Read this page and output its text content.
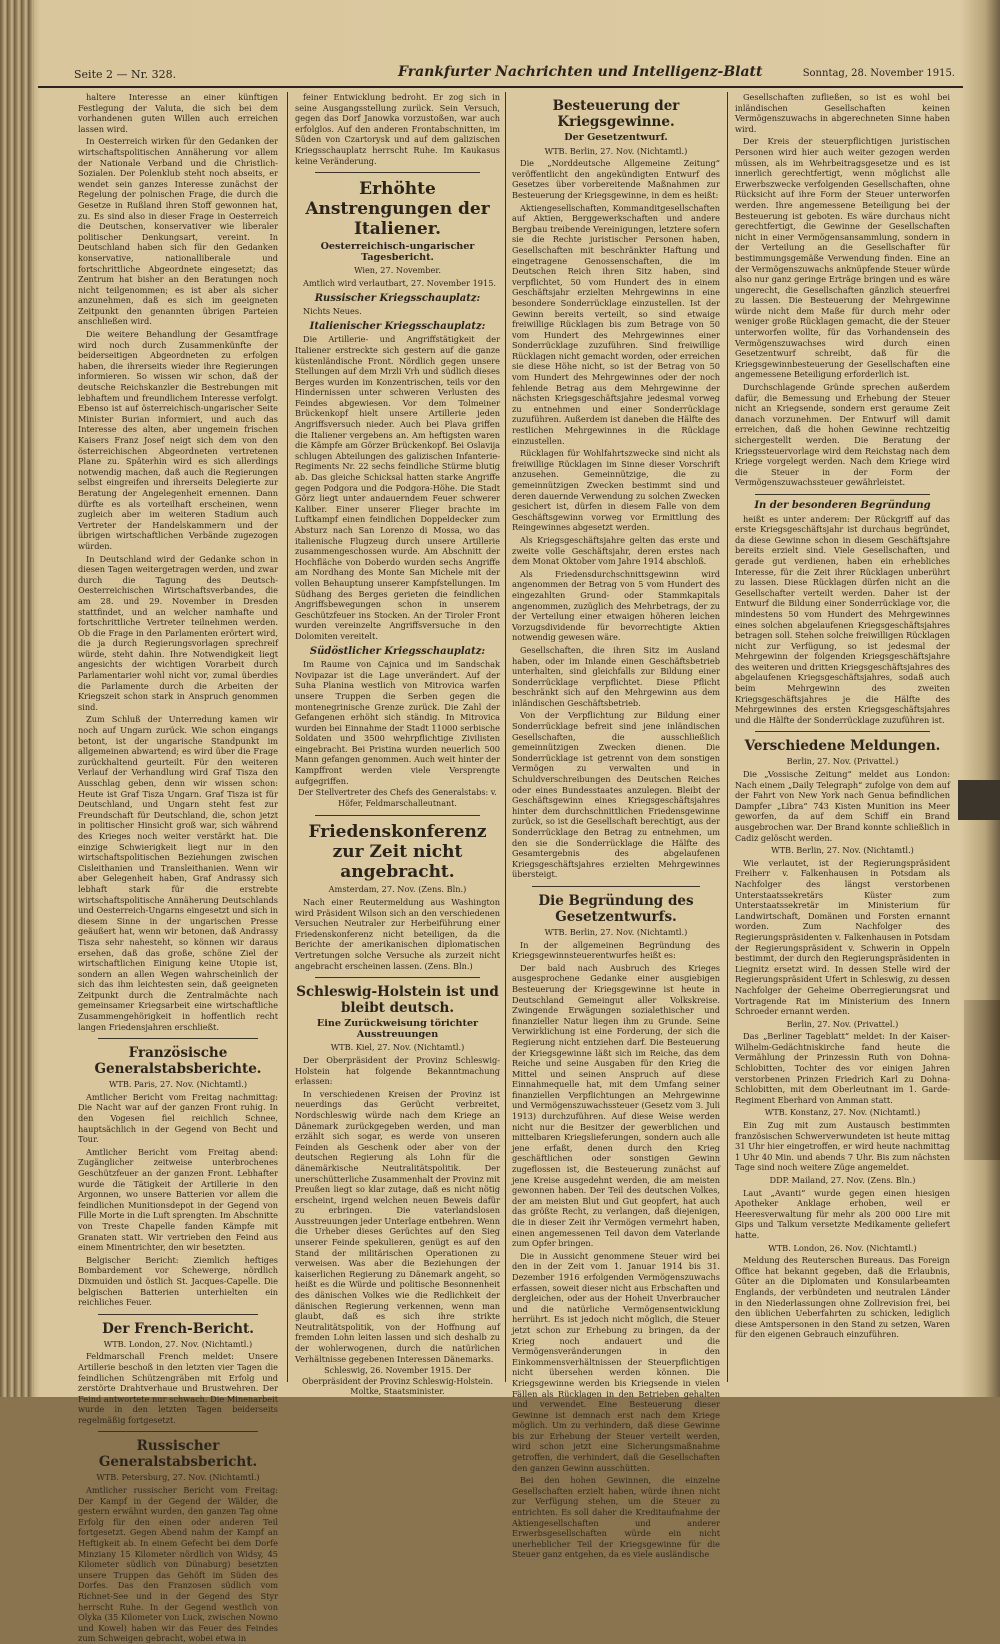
Seite 2 — Nr. 328.	Frankfurter Nachrichten und Intelligenz-Blatt	Sonntag, 28. November 1915.

haltere Interesse an einer künftigen Festlegung der Valuta, die sich bei dem vorhandenen guten Willen auch erreichen lassen wird.

In Oesterreich wirken für den Gedanken der wirtschaftspolitischen Annäherung vor allem der Nationale Verband und die Christlich-Sozialen. Der Polenklub steht noch abseits, er wendet sein ganzes Interesse zunächst der Regelung der polnischen Frage, die durch die Gesetze in Rußland ihren Stoff gewonnen hat, zu. Es sind also in dieser Frage in Oesterreich die Deutschen, konservativer wie liberaler politischer Denkungsart, vereint. In Deutschland haben sich für den Gedanken konservative, nationalliberale und fortschrittliche Abgeordnete eingesetzt; das Zentrum hat bisher an den Beratungen noch nicht teilgenommen; es ist aber als sicher anzunehmen, daß es sich im geeigneten Zeitpunkt den genannten übrigen Parteien anschließen wird.

Die weitere Behandlung der Gesamtfrage wird noch durch Zusammenkünfte der beiderseitigen Abgeordneten zu erfolgen haben, die ihrerseits wieder ihre Regierungen informieren. So wissen wir schon, daß der deutsche Reichskanzler die Bestrebungen mit lebhaftem und freundlichem Interesse verfolgt. Ebenso ist auf österreichisch-ungarischer Seite Minister Burian informiert, und auch das Interesse des alten, aber ungemein frischen Kaisers Franz Josef neigt sich dem von den österreichischen Abgeordneten vertretenen Plane zu. Späterhin wird es sich allerdings notwendig machen, daß auch die Regierungen selbst eingreifen und ihrerseits Delegierte zur Beratung der Angelegenheit ernennen. Dann dürfte es als vorteilhaft erscheinen, wenn zugleich aber im weiteren Stadium auch Vertreter der Handelskammern und der übrigen wirtschaftlichen Verbände zugezogen würden.

In Deutschland wird der Gedanke schon in diesen Tagen weitergetragen werden, und zwar durch die Tagung des Deutsch-Oesterreichischen Wirtschaftsverbandes, die am 28. und 29. November in Dresden stattfindet, und an welcher namhafte und fortschrittliche Vertreter teilnehmen werden. Ob die Frage in den Parlamenten erörtert wird, die ja durch Regierungsvorlagen sprechreif würde, steht dahin. Ihre Notwendigkeit liegt angesichts der wichtigen Vorarbeit durch Parlamentarier wohl nicht vor, zumal überdies die Parlamente durch die Arbeiten der Kriegszeit schon stark in Anspruch genommen sind.

Zum Schluß der Unterredung kamen wir noch auf Ungarn zurück. Wie schon eingangs betont, ist der ungarische Standpunkt im allgemeinen abwartend; es wird über die Frage zurückhaltend geurteilt. Für den weiteren Verlauf der Verhandlung wird Graf Tisza den Ausschlag geben, denn wir wissen schon: Heute ist Graf Tisza Ungarn. Graf Tisza ist für Deutschland, und Ungarn steht fest zur Freundschaft für Deutschland, die, schon jetzt in politischer Hinsicht groß war, sich während des Krieges noch weiter verstärkt hat. Die einzige Schwierigkeit liegt nur in den wirtschaftspolitischen Beziehungen zwischen Cisleithanien und Transleithanien. Wenn wir aber Gelegenheit haben, Graf Andrassy sich lebhaft stark für die erstrebte wirtschaftspolitische Annäherung Deutschlands und Oesterreich-Ungarns eingesetzt und sich in diesem Sinne in der ungarischen Presse geäußert hat, wenn wir betonen, daß Andrassy Tisza sehr nahesteht, so können wir daraus ersehen, daß das große, schöne Ziel der wirtschaftlichen Einigung keine Utopie ist, sondern an allen Wegen wahrscheinlich der sich das ihm leichtesten sein, daß geeigneten Zeitpunkt durch die Zentralmächte nach gemeinsamer Kriegsarbeit eine wirtschaftliche Zusammengehörigkeit in hoffentlich recht langen Friedensjahren erschließt.

Französische Generalstabsberichte.
WTB. Paris, 27. Nov. (Nichtamtl.)

Amtlicher Bericht vom Freitag nachmittag: Die Nacht war auf der ganzen Front ruhig. In den Vogesen fiel reichlich Schnee, hauptsächlich in der Gegend von Becht und Tour.

Amtlicher Bericht vom Freitag abend: Zugänglicher zeitweise unterbrochenes Geschützfeuer an der ganzen Front. Lebhafter wurde die Tätigkeit der Artillerie in den Argonnen, wo unsere Batterien vor allem die feindlichen Munitionsdepot in der Gegend von Fille Morte in die Luft sprengten. Im Abschnitte von Treste Chapelle fanden Kämpfe mit Granaten statt. Wir vertrieben den Feind aus einem Minentrichter, den wir besetzten.

Belgischer Bericht: Ziemlich heftiges Bombardement vor Schewerge, nördlich Dixmuiden und östlich St. Jacques-Capelle. Die belgischen Batterien unterhielten ein reichliches Feuer.

Der French-Bericht.
WTB. London, 27. Nov. (Nichtamtl.)

Feldmarschall French meldet: Unsere Artillerie beschoß in den letzten vier Tagen die feindlichen Schützengräben mit Erfolg und zerstörte Drahtverhaue und Brustwehren. Der Feind antwortete nur schwach. Die Minenarbeit wurde in den letzten Tagen beiderseits regelmäßig fortgesetzt.

Russischer Generalstabsbericht.
WTB. Petersburg, 27. Nov. (Nichtamtl.)

Amtlicher russischer Bericht vom Freitag: Der Kampf in der Gegend der Wälder, die gestern erwähnt wurden, den ganzen Tag ohne Erfolg für den einen oder anderen Teil fortgesetzt. Gegen Abend nahm der Kampf an Heftigkeit ab. In einem Gefecht bei dem Dorfe Minziany 15 Kilometer nördlich von Widsy, 45 Kilometer südlich von Dünaburg) besetzten unsere Truppen das Gehöft im Süden des Dorfes. Das den Franzosen südlich vom Richnet-See und in der Gegend des Styr herrscht Ruhe. In der Gegend westlich von Olyka (35 Kilometer von Luck, zwischen Nowno und Kowel) haben wir das Feuer des Feindes zum Schweigen gebracht, wobei etwa in

feiner Entwicklung bedroht. Er zog sich in seine Ausgangsstellung zurück. Sein Versuch, gegen das Dorf Janowka vorzustoßen, war auch erfolglos. Auf den anderen Frontabschnitten, im Süden von Czartorysk und auf dem galizischen Kriegsschauplatz herrscht Ruhe. Im Kaukasus keine Veränderung.

Erhöhte Anstrengungen der Italiener.
Oesterreichisch-ungarischer Tagesbericht.
Wien, 27. November.

Amtlich wird verlautbart, 27. November 1915.

Russischer Kriegsschauplatz:

Nichts Neues.

Italienischer Kriegsschauplatz:

Die Artillerie- und Angriffstätigkeit der Italiener erstreckte sich gestern auf die ganze küstenländische Front. Nördlich gegen unsere Stellungen auf dem Mrzli Vrh und südlich dieses Berges wurden im Konzentrischen, teils vor den Hindernissen unter schweren Verlusten des Feindes abgewiesen. Vor dem Tolmeiner Brückenkopf hielt unsere Artillerie jeden Angriffsversuch nieder. Auch bei Plava griffen die Italiener vergebens an. Am heftigsten waren die Kämpfe am Görzer Brückenkopf. Bei Oslavija schlugen Abteilungen des galizischen Infanterie-Regiments Nr. 22 sechs feindliche Stürme blutig ab. Das gleiche Schicksal hatten starke Angriffe gegen Podgora und die Podgora-Höhe. Die Stadt Görz liegt unter andauerndem Feuer schwerer Kaliber. Einer unserer Flieger brachte im Luftkampf einen feindlichen Doppeldecker zum Absturz nach San Lorenzo di Mossa, wo das italienische Flugzeug durch unsere Artillerie zusammengeschossen wurde. Am Abschnitt der Hochfläche von Doberdo wurden sechs Angriffe am Nordhang des Monte San Michele mit der vollen Behauptung unserer Kampfstellungen. Im Südhang des Berges gerieten die feindlichen Angriffsbewegungen schon in unserem Geschützfeuer ins Stocken. An der Tiroler Front wurden vereinzelte Angriffsversuche in den Dolomiten vereitelt.

Südöstlicher Kriegsschauplatz:

Im Raume von Cajnica und im Sandschak Novipazar ist die Lage unverändert. Auf der Suha Planina westlich von Mitrovica warfen unsere Truppen die Serben gegen die montenegrinische Grenze zurück. Die Zahl der Gefangenen erhöht sich ständig. In Mitrovica wurden bei Einnahme der Stadt 11000 serbische Soldaten und 3500 wehrpflichtige Zivilisten eingebracht. Bei Pristina wurden neuerlich 500 Mann gefangen genommen. Auch weit hinter der Kampffront werden viele Versprengte aufgegriffen.

Der Stellvertreter des Chefs des Generalstabs: v. Höfer, Feldmarschalleutnant.
Friedenskonferenz zur Zeit nicht angebracht.
Amsterdam, 27. Nov. (Zens. Bln.)

Nach einer Reutermeldung aus Washington wird Präsident Wilson sich an den verschiedenen Versuchen Neutraler zur Herbeiführung einer Friedenskonferenz nicht beteiligen, da die Berichte der amerikanischen diplomatischen Vertretungen solche Versuche als zurzeit nicht angebracht erscheinen lassen. (Zens. Bln.)

Schleswig-Holstein ist und bleibt deutsch.
Eine Zurückweisung törichter Ausstreuungen
WTB. Kiel, 27. Nov. (Nichtamtl.)

Der Oberpräsident der Provinz Schleswig-Holstein hat folgende Bekanntmachung erlassen:

In verschiedenen Kreisen der Provinz ist neuerdings das Gerücht verbreitet, Nordschleswig würde nach dem Kriege an Dänemark zurückgegeben werden, und man erzählt sich sogar, es werde von unseren Feinden als Geschenk oder aber von der deutschen Regierung als Lohn für die dänemärkische Neutralitätspolitik. Der unerschütterliche Zusammenhalt der Provinz mit Preußen liegt so klar zutage, daß es nicht nötig erscheint, irgend welchen neuen Beweis dafür zu erbringen. Die vaterlandslosen Ausstreuungen jeder Unterlage entbehren. Wenn die Urheber dieses Gerüchtes auf den Sieg unserer Feinde spekulieren, genügt es auf den Stand der militärischen Operationen zu verweisen. Was aber die Beziehungen der kaiserlichen Regierung zu Dänemark angeht, so heißt es die Würde und politische Besonnenheit des dänischen Volkes wie die Redlichkeit der dänischen Regierung verkennen, wenn man glaubt, daß es sich ihre strikte Neutralitätspolitik, von der Hoffnung auf fremden Lohn leiten lassen und sich deshalb zu der wohlerwogenen, durch die natürlichen Verhältnisse gegebenen Interessen Dänemarks.

Schleswig, 26. November 1915. Der Oberpräsident der Provinz Schleswig-Holstein. Moltke, Staatsminister.
Besteuerung der Kriegsgewinne.
Der Gesetzentwurf.
WTB. Berlin, 27. Nov. (Nichtamtl.)

Die „Norddeutsche Allgemeine Zeitung“ veröffentlicht den angekündigten Entwurf des Gesetzes über vorbereitende Maßnahmen zur Besteuerung der Kriegsgewinne, in dem es heißt:

Aktiengesellschaften, Kommanditgesellschaften auf Aktien, Berggewerkschaften und andere Bergbau treibende Vereinigungen, letztere sofern sie die Rechte juristischer Personen haben, Gesellschaften mit beschränkter Haftung und eingetragene Genossenschaften, die im Deutschen Reich ihren Sitz haben, sind verpflichtet, 50 vom Hundert des in einem Geschäftsjahr erzielten Mehrgewinns in eine besondere Sonderrücklage einzustellen. Ist der Gewinn bereits verteilt, so sind etwaige freiwillige Rücklagen bis zum Betrage von 50 vom Hundert des Mehrgewinnes einer Sonderrücklage zuzuführen. Sind freiwillige Rücklagen nicht gemacht worden, oder erreichen sie diese Höhe nicht, so ist der Betrag von 50 vom Hundert des Mehrgewinnes oder der noch fehlende Betrag aus dem Mehrgewinne der nächsten Kriegsgeschäftsjahre jedesmal vorweg zu entnehmen und einer Sonderrücklage zuzuführen. Außerdem ist daneben die Hälfte des restlichen Mehrgewinnes in die Rücklage einzustellen.

Rücklagen für Wohlfahrtszwecke sind nicht als freiwillige Rücklagen im Sinne dieser Vorschrift anzusehen. Gemeinnützige, die zu gemeinnützigen Zwecken bestimmt sind und deren dauernde Verwendung zu solchen Zwecken gesichert ist, dürfen in diesem Falle von dem Geschäftsgewinn vorweg vor Ermittlung des Reingewinnes abgesetzt werden.

Als Kriegsgeschäftsjahre gelten das erste und zweite volle Geschäftsjahr, deren erstes nach dem Monat Oktober vom Jahre 1914 abschloß.

Als Friedensdurchschnittsgewinn wird angenommen der Betrag von 5 vom Hundert des eingezahlten Grund- oder Stammkapitals angenommen, zuzüglich des Mehrbetrags, der zu der Verteilung einer etwaigen höheren leichen Vorzugsdividende für bevorrechtigte Aktien notwendig gewesen wäre.

Gesellschaften, die ihren Sitz im Ausland haben, oder im Inlande einen Geschäftsbetrieb unterhalten, sind gleichfalls zur Bildung einer Sonderrücklage verpflichtet. Diese Pflicht beschränkt sich auf den Mehrgewinn aus dem inländischen Geschäftsbetrieb.

Von der Verpflichtung zur Bildung einer Sonderrücklage befreit sind jene inländischen Gesellschaften, die ausschließlich gemeinnützigen Zwecken dienen. Die Sonderrücklage ist getrennt von dem sonstigen Vermögen zu verwalten und in Schuldverschreibungen des Deutschen Reiches oder eines Bundesstaates anzulegen. Bleibt der Geschäftsgewinn eines Kriegsgeschäftsjahres hinter dem durchschnittlichen Friedensgewinne zurück, so ist die Gesellschaft berechtigt, aus der Sonderrücklage den Betrag zu entnehmen, um den sie die Sonderrücklage die Hälfte des Gesamtergebnis des abgelaufenen Kriegsgeschäftsjahres erzielten Mehrgewinnes übersteigt.

Die Begründung des Gesetzentwurfs.
WTB. Berlin, 27. Nov. (Nichtamtl.)

In der allgemeinen Begründung des Kriegsgewinnsteuerentwurfes heißt es:

Der bald nach Ausbruch des Krieges ausgesprochene Gedanke einer ausgiebigen Besteuerung der Kriegsgewinne ist heute in Deutschland Gemeingut aller Volkskreise. Zwingende Erwägungen sozialethischer und finanzieller Natur liegen ihm zu Grunde. Seine Verwirklichung ist eine Forderung, der sich die Regierung nicht entziehen darf. Die Besteuerung der Kriegsgewinne läßt sich im Reiche, das dem Reiche und seine Ausgaben für den Krieg die Mittel und seinen Anspruch auf diese Einnahmequelle hat, mit dem Umfang seiner finanziellen Verpflichtungen an Mehrgewinne und Vermögenszuwachssteuer (Gesetz vom 3. Juli 1913) durchzuführen. Auf diese Weise werden nicht nur die Besitzer der gewerblichen und mittelbaren Kriegslieferungen, sondern auch alle jene erfaßt, denen durch den Krieg geschäftlichen oder sonstigen Gewinn zugeflossen ist, die Besteuerung zunächst auf jene Kreise ausgedehnt werden, die am meisten gewonnen haben. Der Teil des deutschen Volkes, der am meisten Blut und Gut geopfert, hat auch das größte Recht, zu verlangen, daß diejenigen, die in dieser Zeit ihr Vermögen vermehrt haben, einen angemessenen Teil davon dem Vaterlande zum Opfer bringen.

Die in Aussicht genommene Steuer wird bei den in der Zeit vom 1. Januar 1914 bis 31. Dezember 1916 erfolgenden Vermögenszuwachs erfassen, soweit dieser nicht aus Erbschaften und dergleichen, oder aus der Hoheit Unverbraucher und die natürliche Vermögensentwicklung herrührt. Es ist jedoch nicht möglich, die Steuer jetzt schon zur Erhebung zu bringen, da der Krieg noch andauert und die Vermögensveränderungen in den Einkommensverhältnissen der Steuerpflichtigen nicht übersehen werden können. Die Kriegsgewinne werden bis Kriegsende in vielen Fällen als Rücklagen in den Betrieben gehalten und verwendet. Eine Besteuerung dieser Gewinne ist demnach erst nach dem Kriege möglich. Um zu verhindern, daß diese Gewinne bis zur Erhebung der Steuer verteilt werden, wird schon jetzt eine Sicherungsmaßnahme getroffen, die verhindert, daß die Gesellschaften den ganzen Gewinn ausschütten.

Bei den hohen Gewinnen, die einzelne Gesellschaften erzielt haben, würde ihnen nicht zur Verfügung stehen, um die Steuer zu entrichten. Es soll daher die Kreditaufnahme der Aktiengesellschaften und anderer Erwerbsgesellschaften würde ein nicht unerheblicher Teil der Kriegsgewinne für die Steuer ganz entgehen, da es viele ausländische

Gesellschaften zufließen, so ist es wohl bei inländischen Gesellschaften keinen Vermögenszuwachs in abgerechneten Sinne haben wird.

Der Kreis der steuerpflichtigen juristischen Personen wird hier auch weiter gezogen werden müssen, als im Wehrbeitragsgesetze und es ist innerlich gerechtfertigt, wenn möglichst alle Erwerbszwecke verfolgenden Gesellschaften, ohne Rücksicht auf ihre Form der Steuer unterworfen werden. Ihre angemessene Beteiligung bei der Besteuerung ist geboten. Es wäre durchaus nicht gerechtfertigt, die Gewinne der Gesellschaften nicht in einer Vermögensansammlung, sondern in der Verteilung an die Gesellschafter für bestimmungsgemäße Verwendung finden. Eine an der Vermögenszuwachs anknüpfende Steuer würde also nur ganz geringe Erträge bringen und es wäre ungerecht, die Gesellschaften gänzlich steuerfrei zu lassen. Die Besteuerung der Mehrgewinne würde nicht dem Maße für durch mehr oder weniger große Rücklagen gemacht, die der Steuer unterworfen wollte, für das Vorhandensein des Vermögenszuwachses wird durch einen Gesetzentwurf schreibt, daß für die Kriegsgewinnbesteuerung der Gesellschaften eine angemessene Beteiligung erforderlich ist.

Durchschlagende Gründe sprechen außerdem dafür, die Bemessung und Erhebung der Steuer nicht an Kriegsende, sondern erst geraume Zeit danach vorzunehmen. Der Entwurf will damit erreichen, daß die hohen Gewinne rechtzeitig sichergestellt werden. Die Beratung der Kriegssteuervorlage wird dem Reichstag nach dem Kriege vorgelegt werden. Nach dem Kriege wird die Steuer in der Form der Vermögenszuwachssteuer gewährleistet.

In der besonderen Begründung

heißt es unter anderem: Der Rückgriff auf das erste Kriegsgeschäftsjahr ist durchaus begründet, da diese Gewinne schon in diesem Geschäftsjahre bereits erzielt sind. Viele Gesellschaften, und gerade gut verdienen, haben ein erhebliches Interesse, für die Zeit ihrer Rücklagen unberührt zu lassen. Diese Rücklagen dürfen nicht an die Gesellschafter verteilt werden. Daher ist der Entwurf die Bildung einer Sonderrücklage vor, die mindestens 50 vom Hundert des Mehrgewinnes eines solchen abgelaufenen Kriegsgeschäftsjahres betragen soll. Stehen solche freiwilligen Rücklagen nicht zur Verfügung, so ist jedesmal der Mehrgewinn der folgenden Kriegsgeschäftsjahre des weiteren und dritten Kriegsgeschäftsjahres des abgelaufenen Kriegsgeschäftsjahres, sodaß auch beim Mehrgewinn des zweiten Kriegsgeschäftsjahres je die Hälfte des Mehrgewinnes des ersten Kriegsgeschäftsjahres und die Hälfte der Sonderrücklage zuzuführen ist.

Verschiedene Meldungen.
Berlin, 27. Nov. (Privattel.)

Die „Vossische Zeitung“ meldet aus London: Nach einem „Daily Telegraph“ zufolge von dem auf der Fahrt von New York nach Genua befindlichen Dampfer „Libra“ 743 Kisten Munition ins Meer geworfen, da auf dem Schiff ein Brand ausgebrochen war. Der Brand konnte schließlich in Cadiz gelöscht werden.

WTB. Berlin, 27. Nov. (Nichtamtl.)

Wie verlautet, ist der Regierungspräsident Freiherr v. Falkenhausen in Potsdam als Nachfolger des längst verstorbenen Unterstaatssekretärs Küster zum Unterstaatssekretär im Ministerium für Landwirtschaft, Domänen und Forsten ernannt worden. Zum Nachfolger des Regierungspräsidenten v. Falkenhausen in Potsdam der Regierungspräsident v. Schwerin in Oppeln bestimmt, der durch den Regierungspräsidenten in Liegnitz ersetzt wird. In dessen Stelle wird der Regierungspräsident Ufert in Schleswig, zu dessen Nachfolger der Geheime Oberregierungsrat und Vortragende Rat im Ministerium des Innern Schroeder ernannt werden.

Berlin, 27. Nov. (Privattel.)

Das „Berliner Tageblatt“ meldet: In der Kaiser-Wilhelm-Gedächtniskirche fand heute die Vermählung der Prinzessin Ruth von Dohna-Schlobitten, Tochter des vor einigen Jahren verstorbenen Prinzen Friedrich Karl zu Dohna-Schlobitten, mit dem Oberleutnant im 1. Garde-Regiment Eberhard von Amman statt.

WTB. Konstanz, 27. Nov. (Nichtamtl.)

Ein Zug mit zum Austausch bestimmten französischen Schwerverwundeten ist heute mittag 31 Uhr hier eingetroffen, er wird heute nachmittag 1 Uhr 40 Min. und abends 7 Uhr. Bis zum nächsten Tage sind noch weitere Züge angemeldet.

DDP. Mailand, 27. Nov. (Zens. Bln.)

Laut „Avanti“ wurde gegen einen hiesigen Apotheker Anklage erhoben, weil er Heeresverwaltung für mehr als 200 000 Lire mit Gips und Talkum versetzte Medikamente geliefert hatte.

WTB. London, 26. Nov. (Nichtamtl.)

Meldung des Reuterschen Bureaus. Das Foreign Office hat bekannt gegeben, daß die Erlaubnis, Güter an die Diplomaten und Konsularbeamten Englands, der verbündeten und neutralen Länder in den Niederlassungen ohne Zollrevision frei, bei den üblichen Ueberfahrten zu schicken, lediglich diese Amtspersonen in den Stand zu setzen, Waren für den eigenen Gebrauch einzuführen.
